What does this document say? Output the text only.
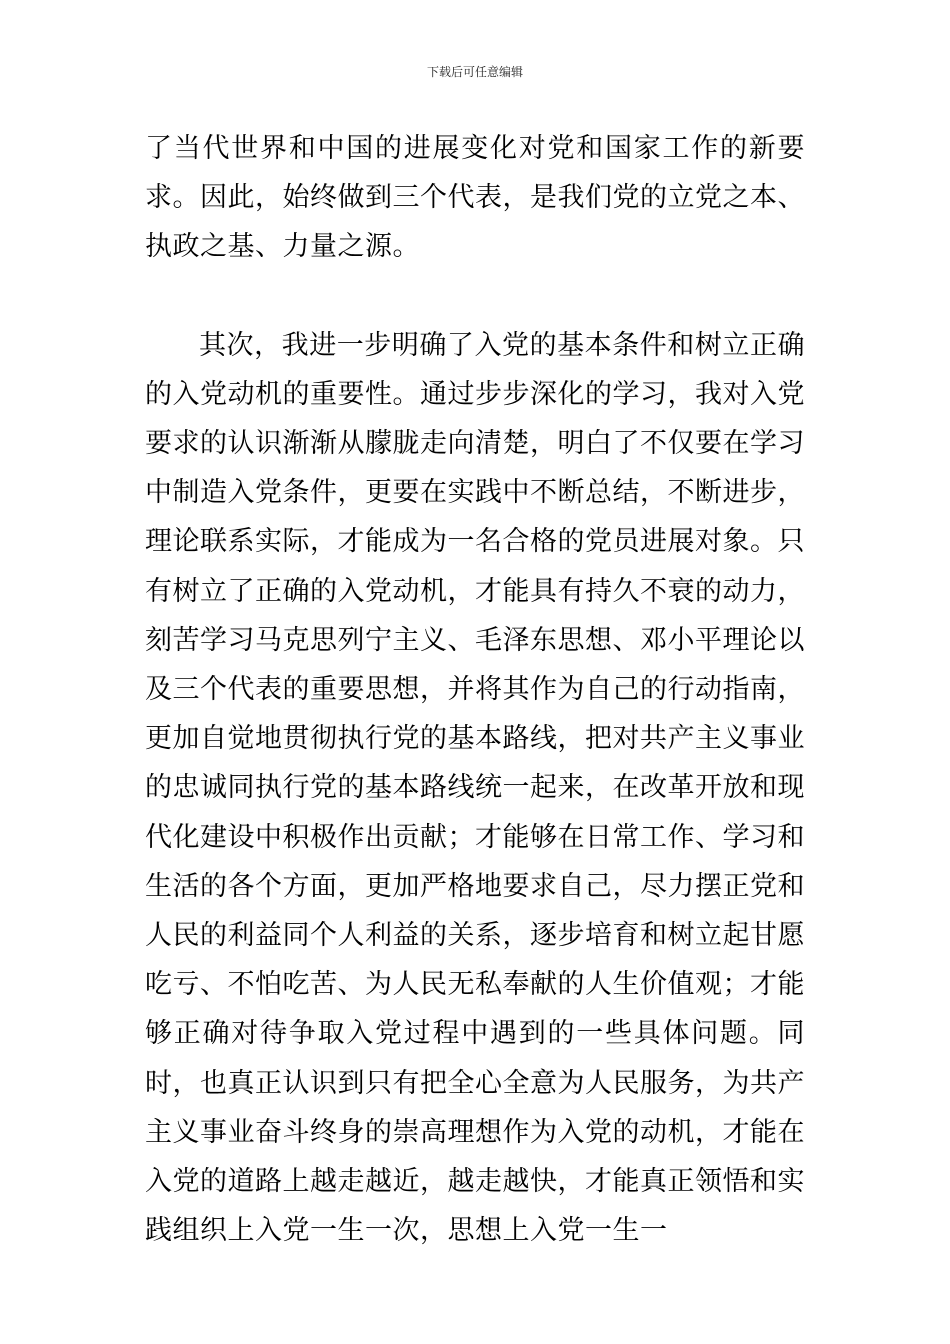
下载后可任意编辑

了当代世界和中国的进展变化对党和国家工作的新要求。因此，始终做到三个代表，是我们党的立党之本、执政之基、力量之源。

其次，我进一步明确了入党的基本条件和树立正确的入党动机的重要性。通过步步深化的学习，我对入党要求的认识渐渐从朦胧走向清楚，明白了不仅要在学习中制造入党条件，更要在实践中不断总结，不断进步，理论联系实际，才能成为一名合格的党员进展对象。只有树立了正确的入党动机，才能具有持久不衰的动力，刻苦学习马克思列宁主义、毛泽东思想、邓小平理论以及三个代表的重要思想，并将其作为自己的行动指南，更加自觉地贯彻执行党的基本路线，把对共产主义事业的忠诚同执行党的基本路线统一起来，在改革开放和现代化建设中积极作出贡献；才能够在日常工作、学习和生活的各个方面，更加严格地要求自己，尽力摆正党和人民的利益同个人利益的关系，逐步培育和树立起甘愿吃亏、不怕吃苦、为人民无私奉献的人生价值观；才能够正确对待争取入党过程中遇到的一些具体问题。同时，也真正认识到只有把全心全意为人民服务，为共产主义事业奋斗终身的崇高理想作为入党的动机，才能在入党的道路上越走越近，越走越快，才能真正领悟和实践组织上入党一生一次，思想上入党一生一
